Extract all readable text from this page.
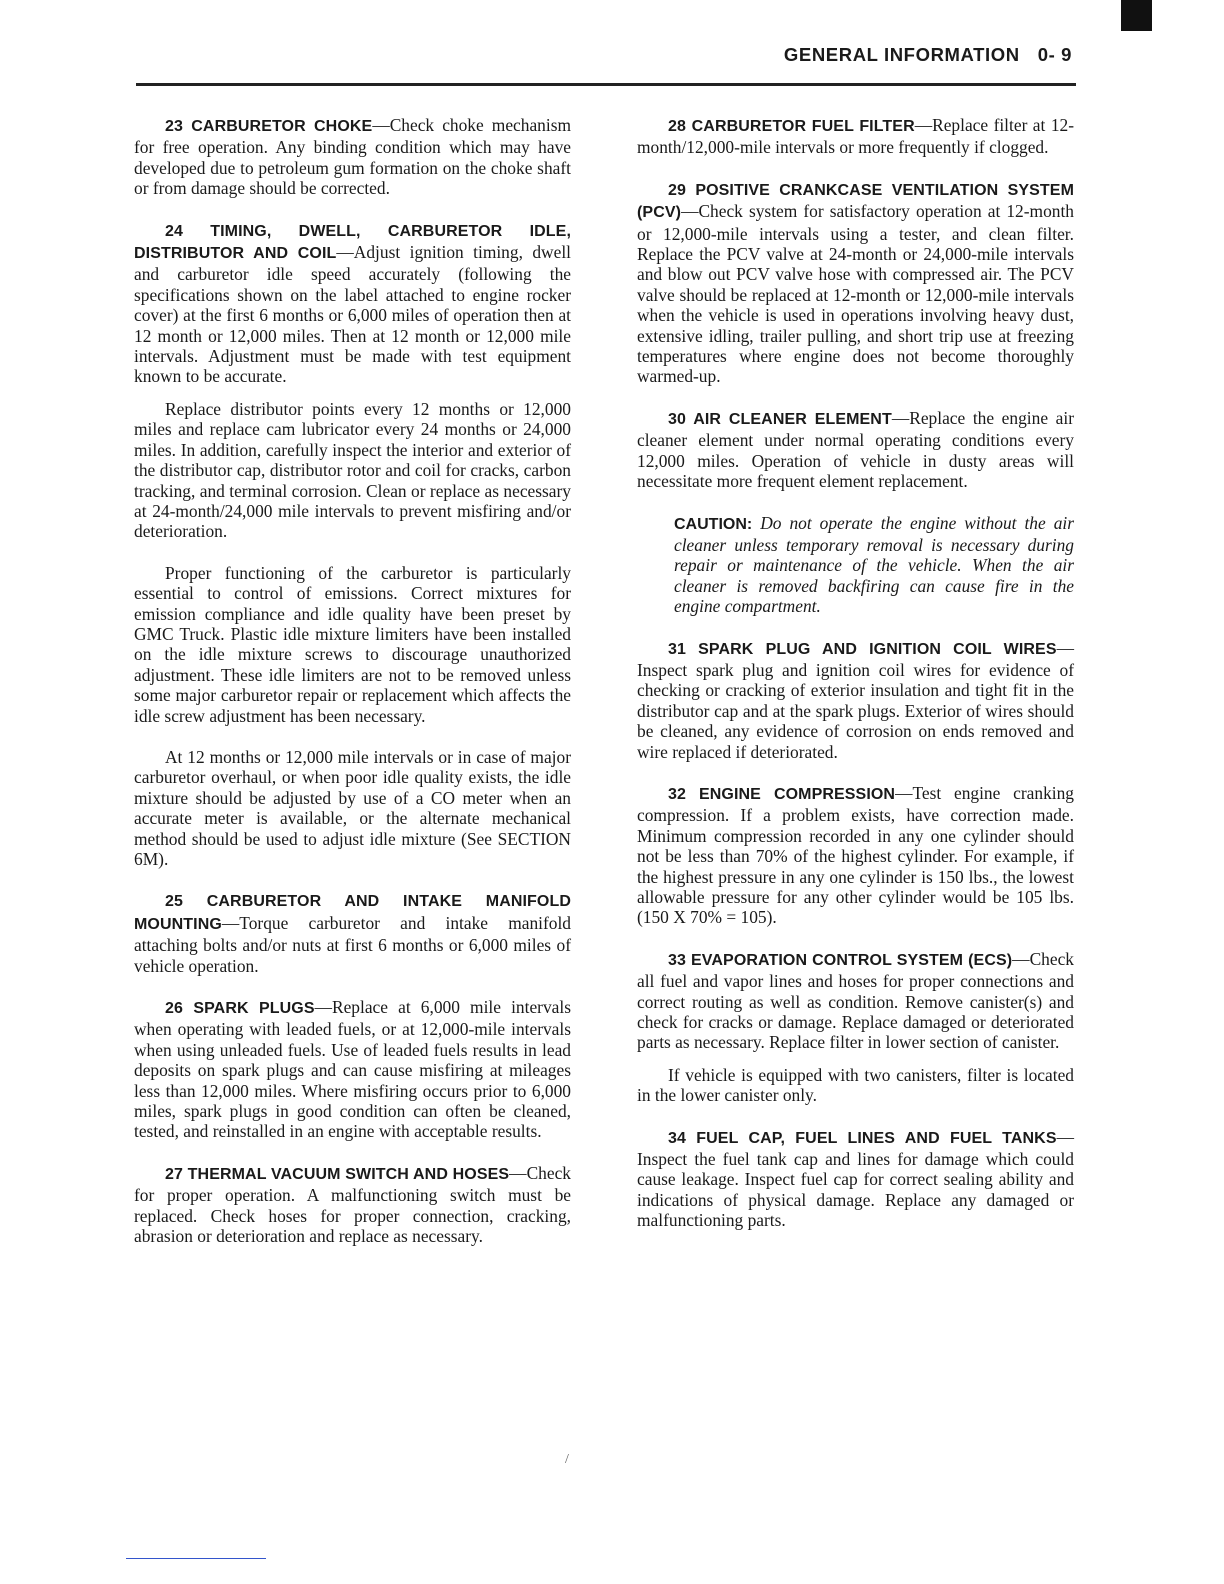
GENERAL INFORMATION 0- 9

23 CARBURETOR CHOKE—Check choke mechanism for free operation. Any binding condition which may have developed due to petroleum gum formation on the choke shaft or from damage should be corrected.

24 TIMING, DWELL, CARBURETOR IDLE, DISTRIBUTOR AND COIL—Adjust ignition timing, dwell and carburetor idle speed accurately (following the specifications shown on the label attached to engine rocker cover) at the first 6 months or 6,000 miles of operation then at 12 month or 12,000 miles. Then at 12 month or 12,000 mile intervals. Adjustment must be made with test equipment known to be accurate.

Replace distributor points every 12 months or 12,000 miles and replace cam lubricator every 24 months or 24,000 miles. In addition, carefully inspect the interior and exterior of the distributor cap, distributor rotor and coil for cracks, carbon tracking, and terminal corrosion. Clean or replace as necessary at 24-month/24,000 mile intervals to prevent misfiring and/or deterioration.

Proper functioning of the carburetor is particularly essential to control of emissions. Correct mixtures for emission compliance and idle quality have been preset by GMC Truck. Plastic idle mixture limiters have been installed on the idle mixture screws to discourage unauthorized adjustment. These idle limiters are not to be removed unless some major carburetor repair or replacement which affects the idle screw adjustment has been necessary.

At 12 months or 12,000 mile intervals or in case of major carburetor overhaul, or when poor idle quality exists, the idle mixture should be adjusted by use of a CO meter when an accurate meter is available, or the alternate mechanical method should be used to adjust idle mixture (See SECTION 6M).

25 CARBURETOR AND INTAKE MANIFOLD MOUNTING—Torque carburetor and intake manifold attaching bolts and/or nuts at first 6 months or 6,000 miles of vehicle operation.

26 SPARK PLUGS—Replace at 6,000 mile intervals when operating with leaded fuels, or at 12,000-mile intervals when using unleaded fuels. Use of leaded fuels results in lead deposits on spark plugs and can cause misfiring at mileages less than 12,000 miles. Where misfiring occurs prior to 6,000 miles, spark plugs in good condition can often be cleaned, tested, and reinstalled in an engine with acceptable results.

27 THERMAL VACUUM SWITCH AND HOSES—Check for proper operation. A malfunctioning switch must be replaced. Check hoses for proper connection, cracking, abrasion or deterioration and replace as necessary.

28 CARBURETOR FUEL FILTER—Replace filter at 12-month/12,000-mile intervals or more frequently if clogged.

29 POSITIVE CRANKCASE VENTILATION SYSTEM (PCV)—Check system for satisfactory operation at 12-month or 12,000-mile intervals using a tester, and clean filter. Replace the PCV valve at 24-month or 24,000-mile intervals and blow out PCV valve hose with compressed air. The PCV valve should be replaced at 12-month or 12,000-mile intervals when the vehicle is used in operations involving heavy dust, extensive idling, trailer pulling, and short trip use at freezing temperatures where engine does not become thoroughly warmed-up.

30 AIR CLEANER ELEMENT—Replace the engine air cleaner element under normal operating conditions every 12,000 miles. Operation of vehicle in dusty areas will necessitate more frequent element replacement.

CAUTION: Do not operate the engine without the air cleaner unless temporary removal is necessary during repair or maintenance of the vehicle. When the air cleaner is removed backfiring can cause fire in the engine compartment.

31 SPARK PLUG AND IGNITION COIL WIRES—Inspect spark plug and ignition coil wires for evidence of checking or cracking of exterior insulation and tight fit in the distributor cap and at the spark plugs. Exterior of wires should be cleaned, any evidence of corrosion on ends removed and wire replaced if deteriorated.

32 ENGINE COMPRESSION—Test engine cranking compression. If a problem exists, have correction made. Minimum compression recorded in any one cylinder should not be less than 70% of the highest cylinder. For example, if the highest pressure in any one cylinder is 150 lbs., the lowest allowable pressure for any other cylinder would be 105 lbs. (150 X 70% = 105).

33 EVAPORATION CONTROL SYSTEM (ECS)—Check all fuel and vapor lines and hoses for proper connections and correct routing as well as condition. Remove canister(s) and check for cracks or damage. Replace damaged or deteriorated parts as necessary. Replace filter in lower section of canister.

If vehicle is equipped with two canisters, filter is located in the lower canister only.

34 FUEL CAP, FUEL LINES AND FUEL TANKS—Inspect the fuel tank cap and lines for damage which could cause leakage. Inspect fuel cap for correct sealing ability and indications of physical damage. Replace any damaged or malfunctioning parts.

/
